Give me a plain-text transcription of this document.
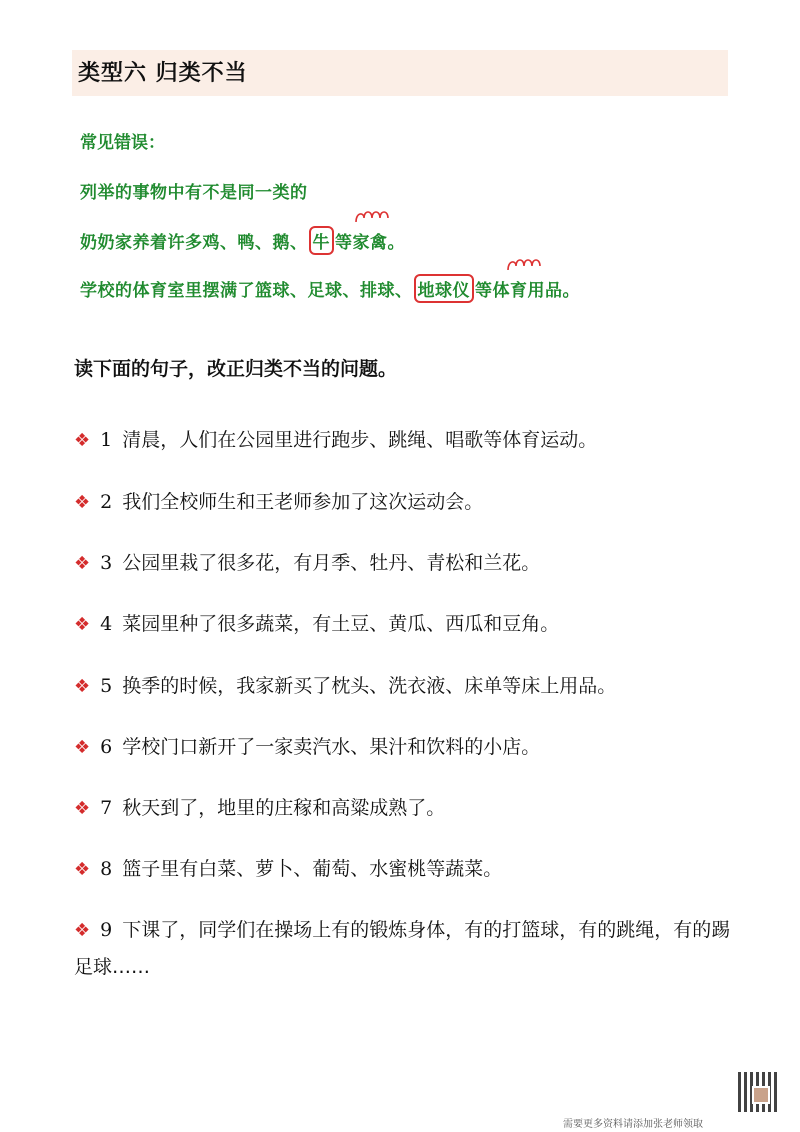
类型六 归类不当
常见错误：
列举的事物中有不是同一类的
奶奶家养着许多鸡、鸭、鹅、 牛 等家禽。
学校的体育室里摆满了篮球、足球、排球、 地球仪 等体育用品。
读下面的句子，改正归类不当的问题。
❖ 1 清晨，人们在公园里进行跑步、跳绳、唱歌等体育运动。
❖ 2 我们全校师生和王老师参加了这次运动会。
❖ 3 公园里栽了很多花，有月季、牡丹、青松和兰花。
❖ 4 菜园里种了很多蔬菜，有土豆、黄瓜、西瓜和豆角。
❖ 5 换季的时候，我家新买了枕头、洗衣液、床单等床上用品。
❖ 6 学校门口新开了一家卖汽水、果汁和饮料的小店。
❖ 7 秋天到了，地里的庄稼和高粱成熟了。
❖ 8 篮子里有白菜、萝卜、葡萄、水蜜桃等蔬菜。
❖ 9 下课了，同学们在操场上有的锻炼身体，有的打篮球，有的跳绳，有的踢足球……
需要更多资料请添加张老师领取
